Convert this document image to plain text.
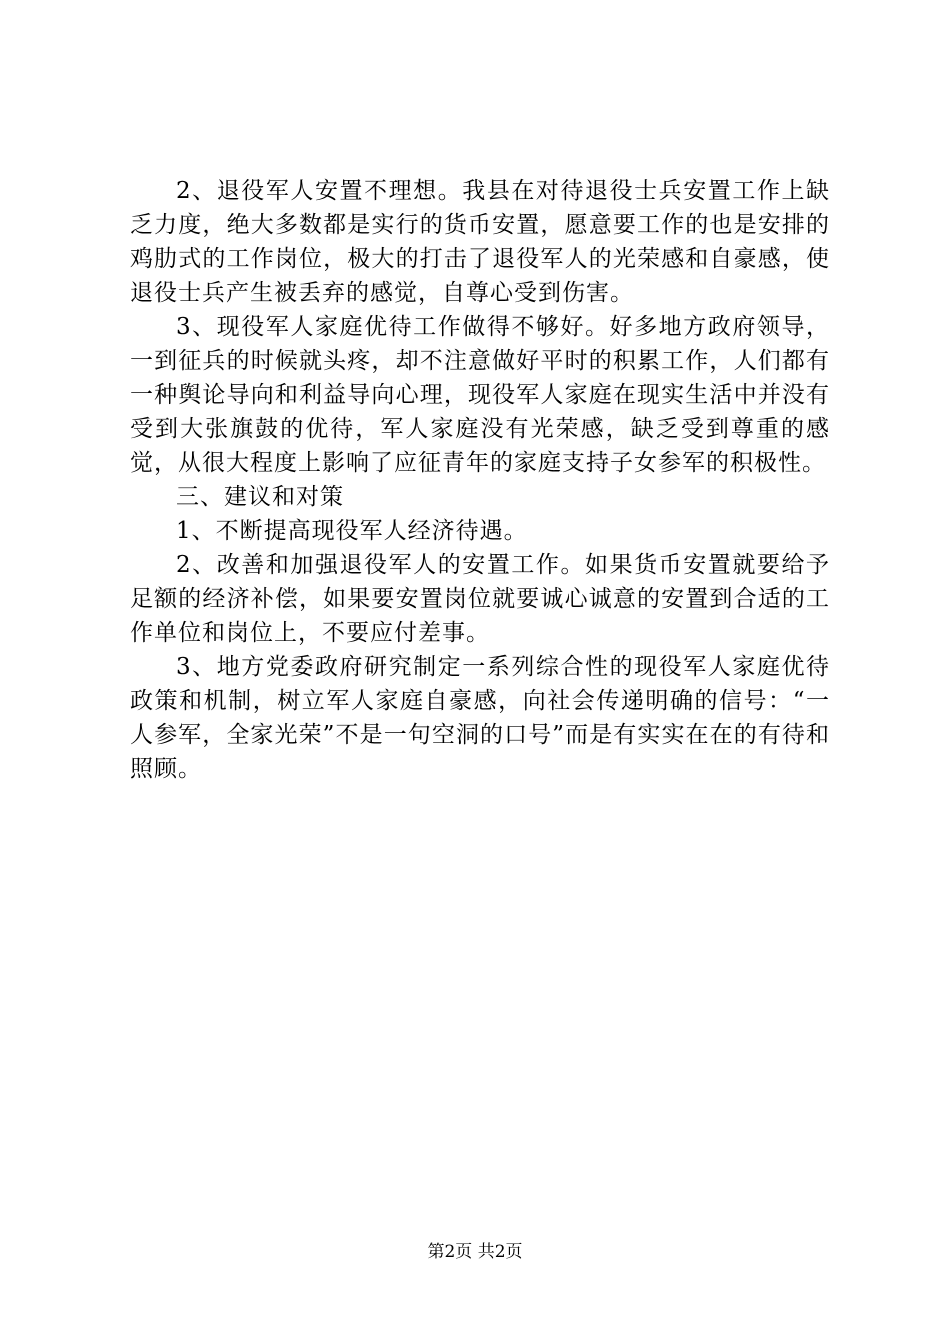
2、退役军人安置不理想。我县在对待退役士兵安置工作上缺乏力度，绝大多数都是实行的货币安置，愿意要工作的也是安排的鸡肋式的工作岗位，极大的打击了退役军人的光荣感和自豪感，使退役士兵产生被丢弃的感觉，自尊心受到伤害。

3、现役军人家庭优待工作做得不够好。好多地方政府领导，一到征兵的时候就头疼，却不注意做好平时的积累工作，人们都有一种舆论导向和利益导向心理，现役军人家庭在现实生活中并没有受到大张旗鼓的优待，军人家庭没有光荣感，缺乏受到尊重的感觉，从很大程度上影响了应征青年的家庭支持子女参军的积极性。

三、建议和对策

1、不断提高现役军人经济待遇。

2、改善和加强退役军人的安置工作。如果货币安置就要给予足额的经济补偿，如果要安置岗位就要诚心诚意的安置到合适的工作单位和岗位上，不要应付差事。

3、地方党委政府研究制定一系列综合性的现役军人家庭优待政策和机制，树立军人家庭自豪感，向社会传递明确的信号：“一人参军，全家光荣”不是一句空洞的口号”而是有实实在在的有待和照顾。

第2页 共2页
